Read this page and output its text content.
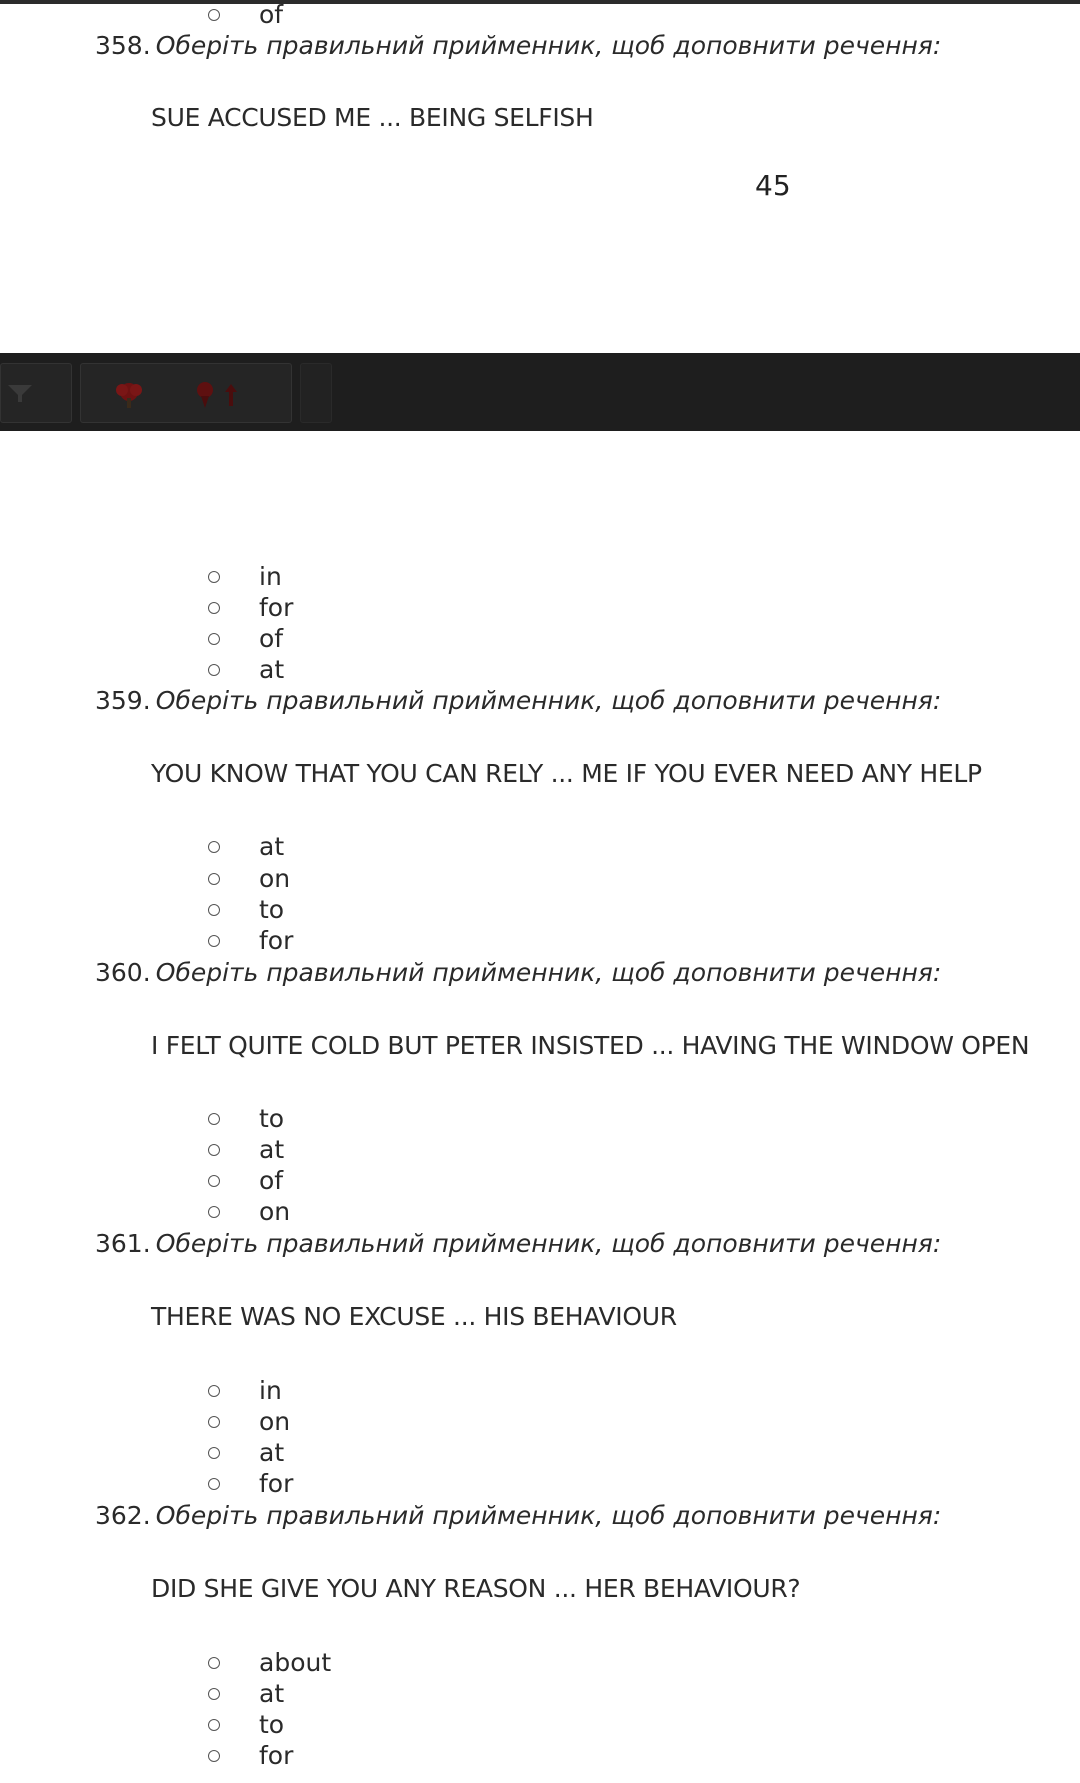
of
358. Оберіть правильний прийменник, щоб доповнити речення:
SUE ACCUSED ME ... BEING SELFISH
45
in
for
of
at
359. Оберіть правильний прийменник, щоб доповнити речення:
YOU KNOW THAT YOU CAN RELY ... ME IF YOU EVER NEED ANY HELP
at
on
to
for
360. Оберіть правильний прийменник, щоб доповнити речення:
I FELT QUITE COLD BUT PETER INSISTED ... HAVING THE WINDOW OPEN
to
at
of
on
361. Оберіть правильний прийменник, щоб доповнити речення:
THERE WAS NO EXCUSE ... HIS BEHAVIOUR
in
on
at
for
362. Оберіть правильний прийменник, щоб доповнити речення:
DID SHE GIVE YOU ANY REASON ... HER BEHAVIOUR?
about
at
to
for
